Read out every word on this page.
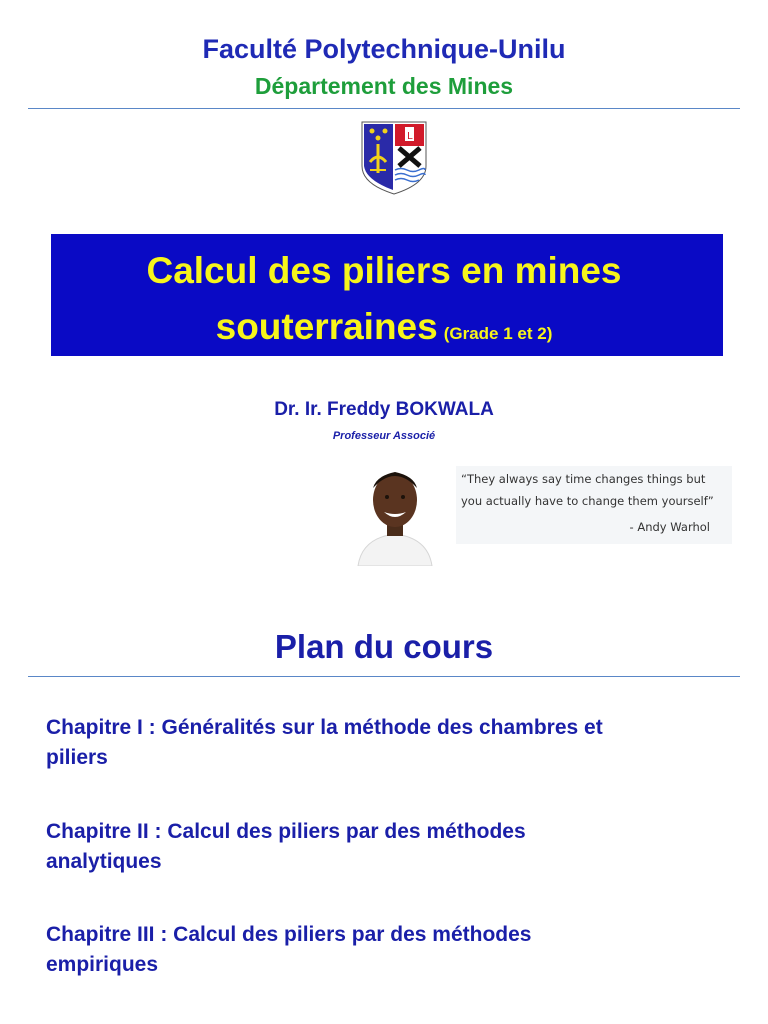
Faculté Polytechnique-Unilu
Département des Mines
L
Calcul des piliers en mines
souterraines (Grade 1 et 2)
Dr. Ir. Freddy BOKWALA
Professeur Associé
“They always say time changes things but
you actually have to change them yourself”
- Andy Warhol
Plan du cours
Chapitre I : Généralités sur la méthode des chambres et
piliers
Chapitre II : Calcul des piliers par des méthodes
analytiques
Chapitre III : Calcul des piliers par des méthodes
empiriques
